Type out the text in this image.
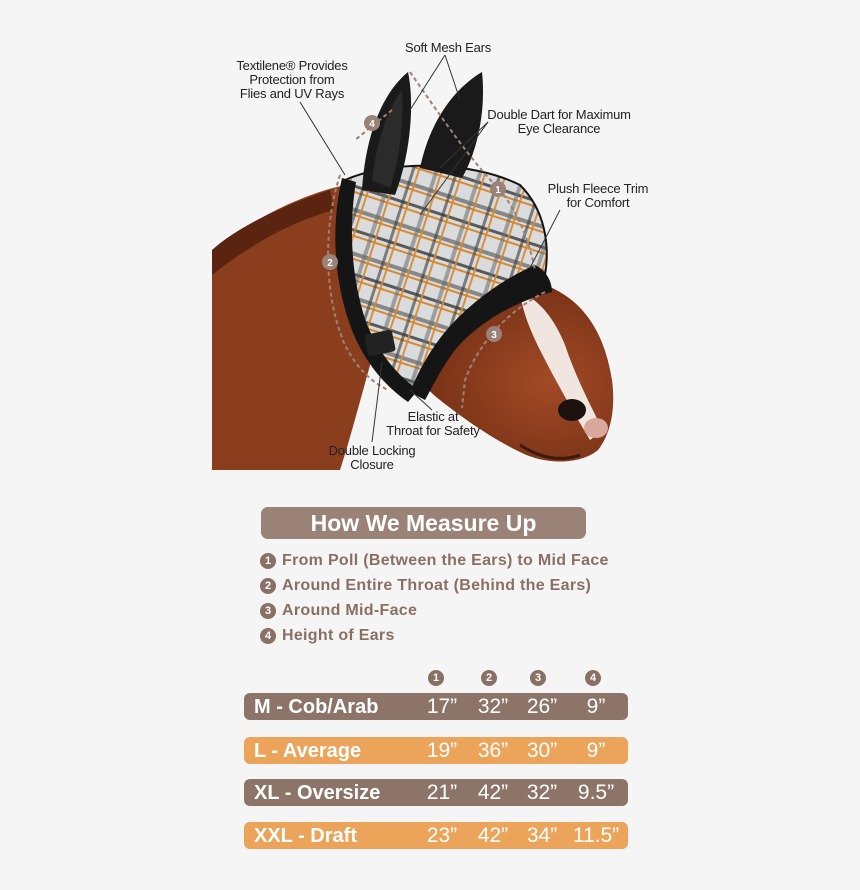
1
2
3
4
Soft Mesh Ears
Textilene® Provides
Protection from
Flies and UV Rays
Double Dart for Maximum
Eye Clearance
Plush Fleece Trim
for Comfort
Elastic at
Throat for Safety
Double Locking
Closure
How We Measure Up
1 From Poll (Between the Ears) to Mid Face
2 Around Entire Throat (Behind the Ears)
3 Around Mid-Face
4 Height of Ears
1	2	3	4
M - Cob/Arab	17” 32” 26”	9”
L - Average	19” 36” 30”	9”
XL - Oversize	21” 42” 32” 9.5”
XXL - Draft	23” 42” 34” 11.5”
